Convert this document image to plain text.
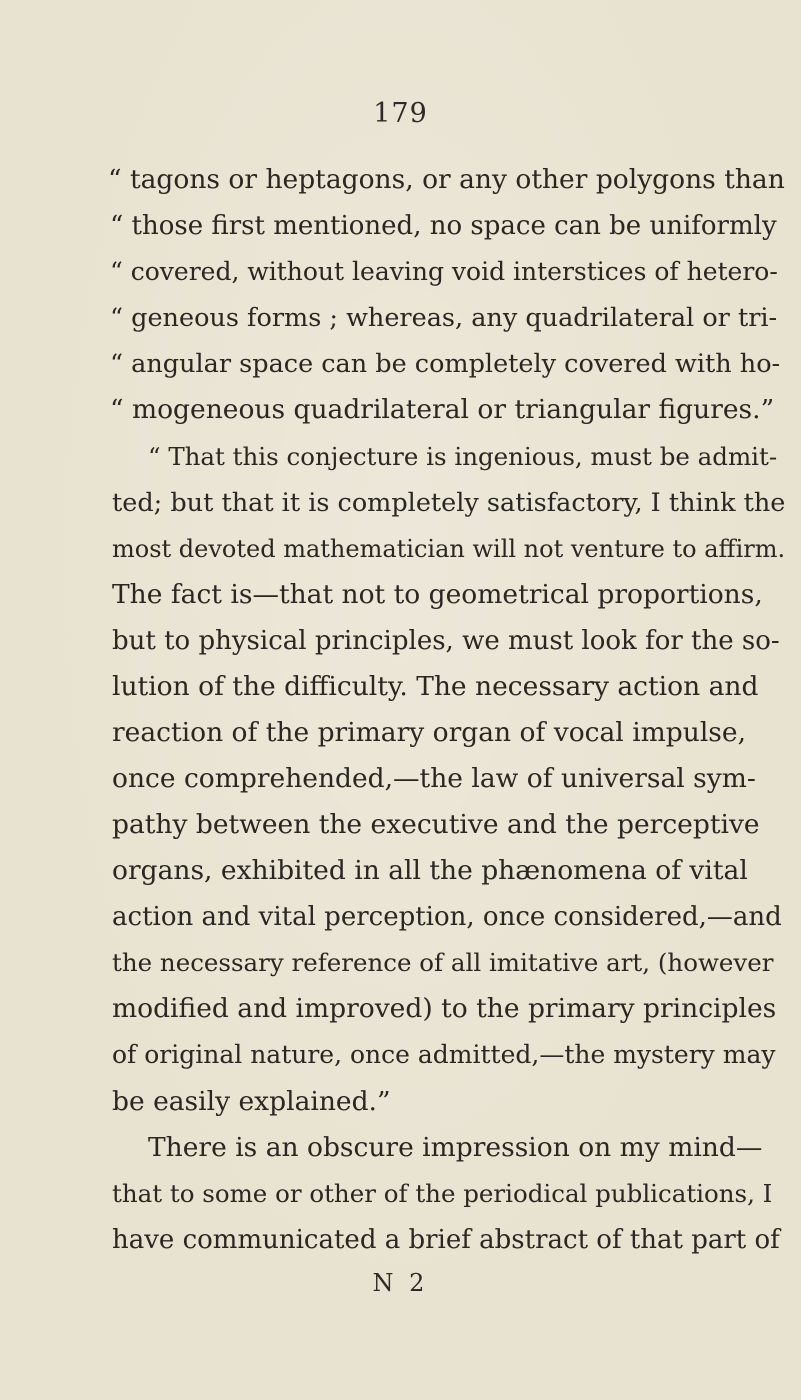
179
“ tagons or heptagons, or any other polygons than
“ those first mentioned, no space can be uniformly
“ covered, without leaving void interstices of hetero-
“ geneous forms ; whereas, any quadrilateral or tri-
“ angular space can be completely covered with ho-
“ mogeneous quadrilateral or triangular figures.”
“ That this conjecture is ingenious, must be admit-
ted; but that it is completely satisfactory, I think the
most devoted mathematician will not venture to affirm.
The fact is—that not to geometrical proportions,
but to physical principles, we must look for the so-
lution of the difficulty. The necessary action and
reaction of the primary organ of vocal impulse,
once comprehended,—the law of universal sym-
pathy between the executive and the perceptive
organs, exhibited in all the phænomena of vital
action and vital perception, once considered,—and
the necessary reference of all imitative art, (however
modified and improved) to the primary principles
of original nature, once admitted,—the mystery may
be easily explained.”
There is an obscure impression on my mind—
that to some or other of the periodical publications, I
have communicated a brief abstract of that part of
N 2
